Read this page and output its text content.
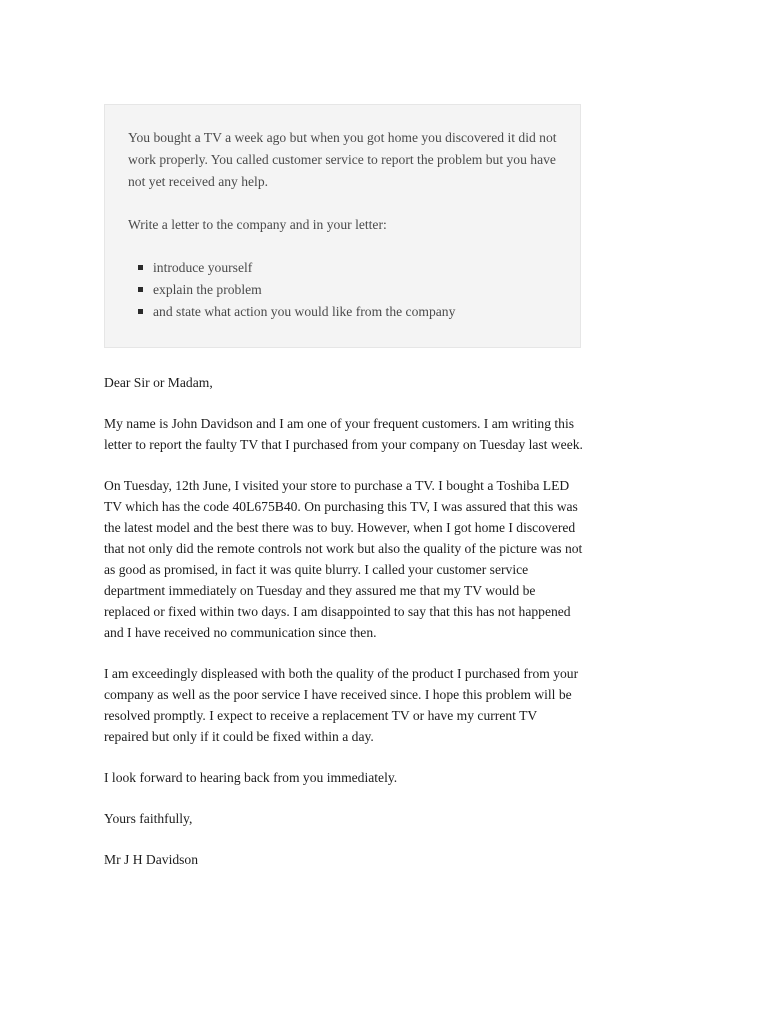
You bought a TV a week ago but when you got home you discovered it did not work properly. You called customer service to report the problem but you have not yet received any help.

Write a letter to the company and in your letter:

introduce yourself
explain the problem
and state what action you would like from the company

Dear Sir or Madam,

My name is John Davidson and I am one of your frequent customers. I am writing this letter to report the faulty TV that I purchased from your company on Tuesday last week.

On Tuesday, 12th June, I visited your store to purchase a TV. I bought a Toshiba LED TV which has the code 40L675B40. On purchasing this TV, I was assured that this was the latest model and the best there was to buy. However, when I got home I discovered that not only did the remote controls not work but also the quality of the picture was not as good as promised, in fact it was quite blurry. I called your customer service department immediately on Tuesday and they assured me that my TV would be replaced or fixed within two days. I am disappointed to say that this has not happened and I have received no communication since then.

I am exceedingly displeased with both the quality of the product I purchased from your company as well as the poor service I have received since. I hope this problem will be resolved promptly. I expect to receive a replacement TV or have my current TV repaired but only if it could be fixed within a day.

I look forward to hearing back from you immediately.

Yours faithfully,

Mr J H Davidson
